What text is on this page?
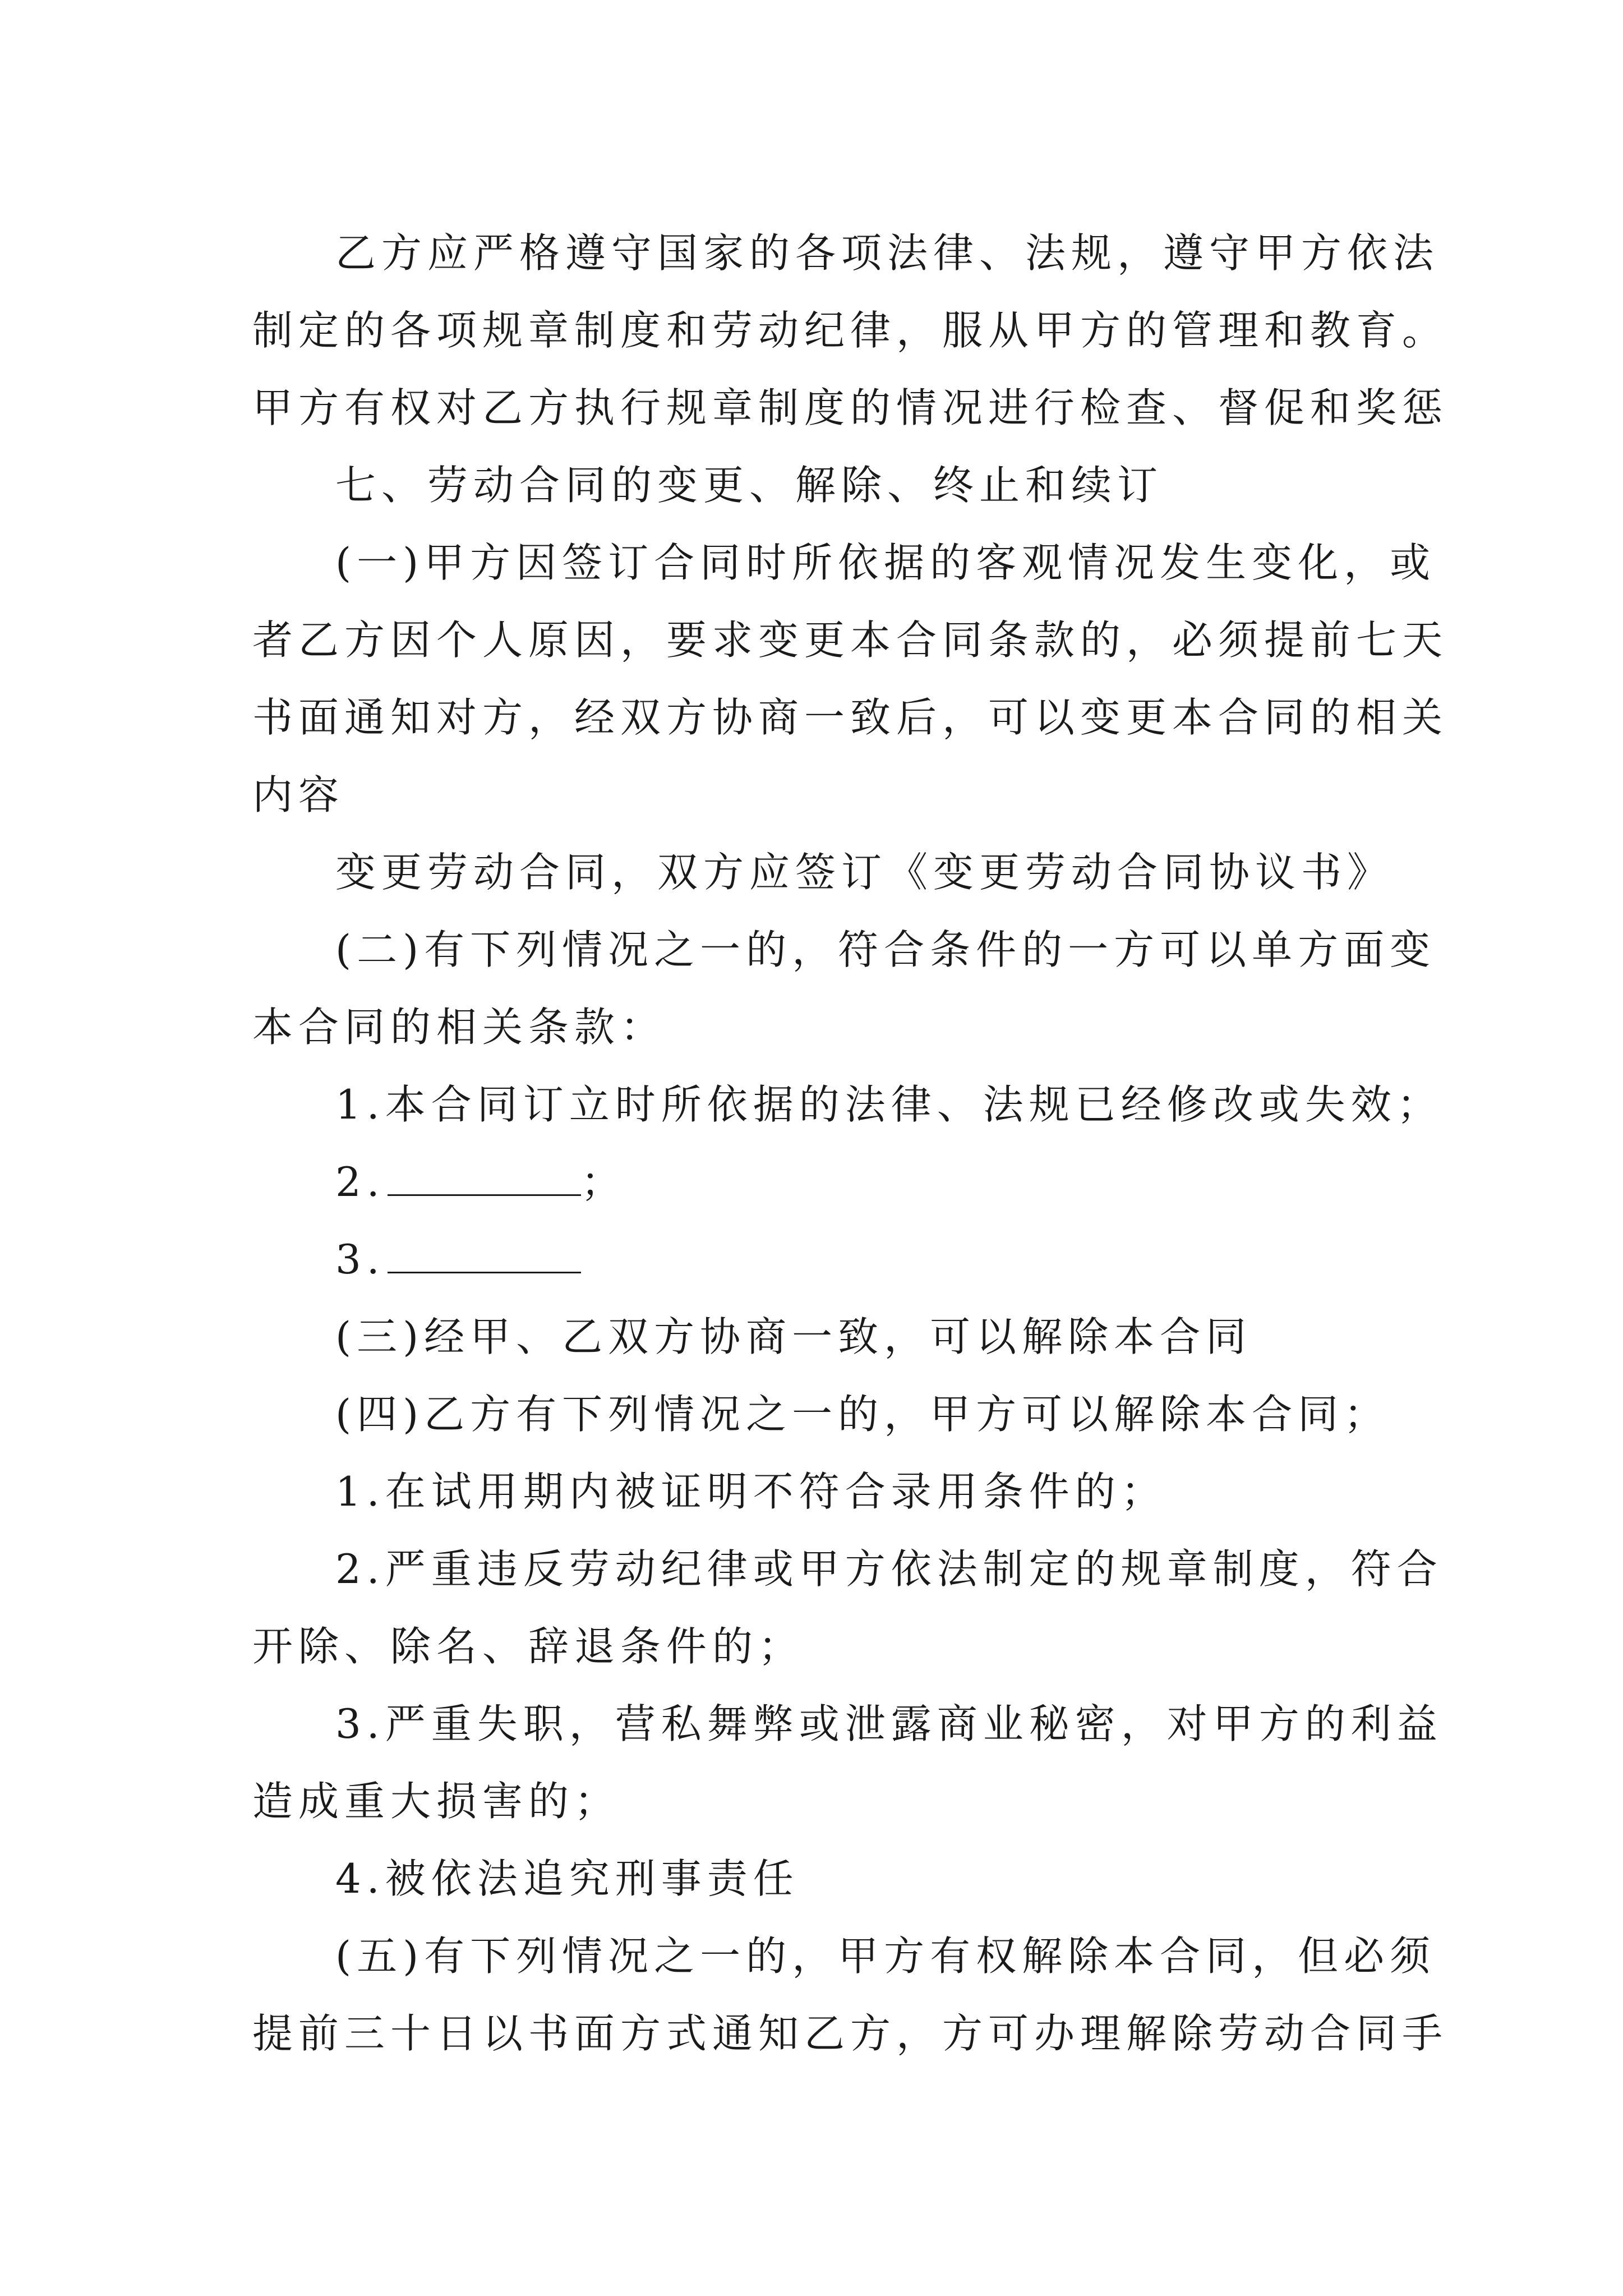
乙方应严格遵守国家的各项法律、法规，遵守甲方依法
制定的各项规章制度和劳动纪律，服从甲方的管理和教育。
甲方有权对乙方执行规章制度的情况进行检查、督促和奖惩
七、劳动合同的变更、解除、终止和续订
(一)甲方因签订合同时所依据的客观情况发生变化，或
者乙方因个人原因，要求变更本合同条款的，必须提前七天
书面通知对方，经双方协商一致后，可以变更本合同的相关
内容
变更劳动合同，双方应签订《变更劳动合同协议书》
(二)有下列情况之一的，符合条件的一方可以单方面变
本合同的相关条款：
1.本合同订立时所依据的法律、法规已经修改或失效；
2.	；
3.
(三)经甲、乙双方协商一致，可以解除本合同
(四)乙方有下列情况之一的，甲方可以解除本合同；
1.在试用期内被证明不符合录用条件的；
2.严重违反劳动纪律或甲方依法制定的规章制度，符合
开除、除名、辞退条件的；
3.严重失职，营私舞弊或泄露商业秘密，对甲方的利益
造成重大损害的；
4.被依法追究刑事责任
(五)有下列情况之一的，甲方有权解除本合同，但必须
提前三十日以书面方式通知乙方，方可办理解除劳动合同手
